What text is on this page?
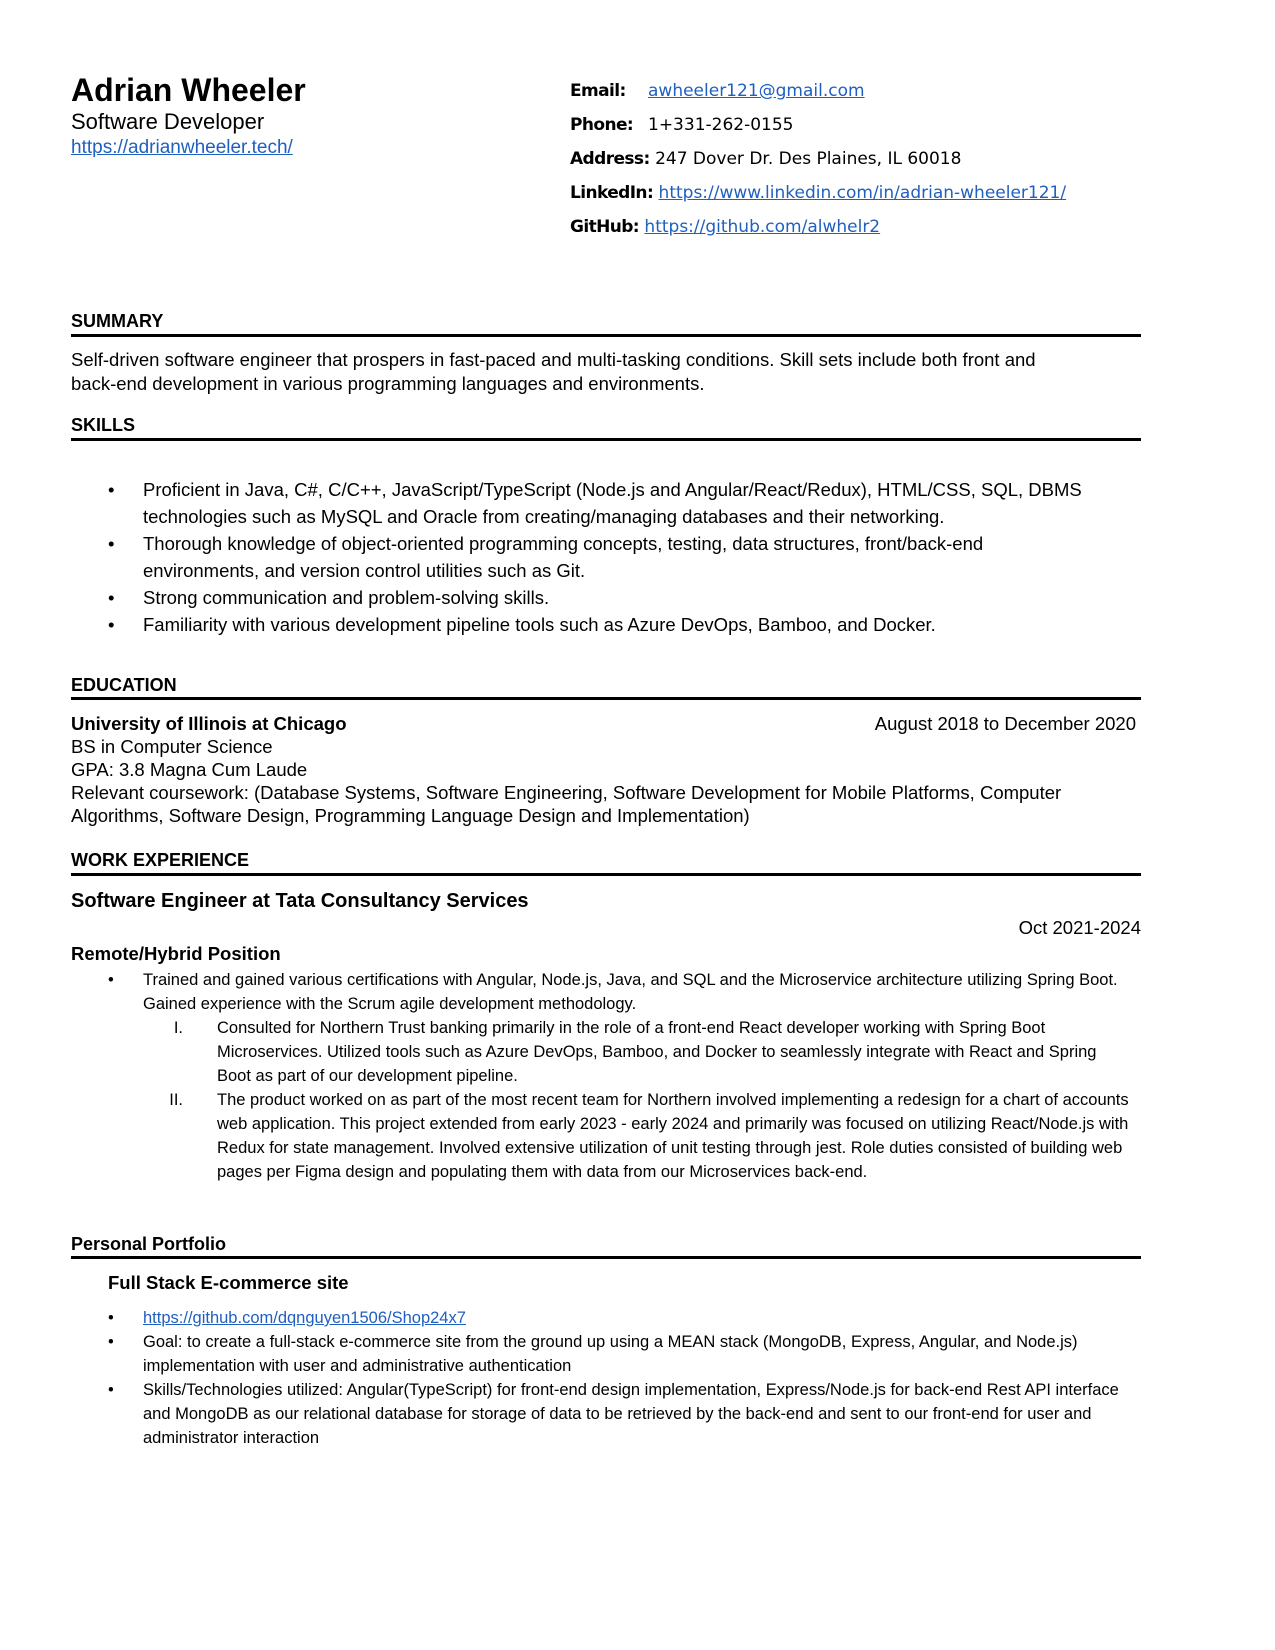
Adrian Wheeler
Software Developer
https://adrianwheeler.tech/
Email: awheeler121@gmail.com
Phone: 1+331-262-0155
Address: 247 Dover Dr. Des Plaines, IL 60018
LinkedIn: https://www.linkedin.com/in/adrian-wheeler121/
GitHub: https://github.com/alwhelr2
SUMMARY
Self-driven software engineer that prospers in fast-paced and multi-tasking conditions. Skill sets include both front and
back-end development in various programming languages and environments.
SKILLS
• Proficient in Java, C#, C/C++, JavaScript/TypeScript (Node.js and Angular/React/Redux), HTML/CSS, SQL, DBMS technologies such as MySQL and Oracle from creating/managing databases and their networking.
• Thorough knowledge of object-oriented programming concepts, testing, data structures, front/back-end environments, and version control utilities such as Git.
• Strong communication and problem-solving skills.
• Familiarity with various development pipeline tools such as Azure DevOps, Bamboo, and Docker.
EDUCATION
University of Illinois at Chicago	August 2018 to December 2020
BS in Computer Science
GPA: 3.8 Magna Cum Laude
Relevant coursework: (Database Systems, Software Engineering, Software Development for Mobile Platforms, Computer Algorithms, Software Design, Programming Language Design and Implementation)
WORK EXPERIENCE
Software Engineer at Tata Consultancy Services
Oct 2021-2024
Remote/Hybrid Position
• Trained and gained various certifications with Angular, Node.js, Java, and SQL and the Microservice architecture utilizing Spring Boot. Gained experience with the Scrum agile development methodology.
I. Consulted for Northern Trust banking primarily in the role of a front-end React developer working with Spring Boot Microservices. Utilized tools such as Azure DevOps, Bamboo, and Docker to seamlessly integrate with React and Spring Boot as part of our development pipeline.
II. The product worked on as part of the most recent team for Northern involved implementing a redesign for a chart of accounts web application. This project extended from early 2023 - early 2024 and primarily was focused on utilizing React/Node.js with Redux for state management. Involved extensive utilization of unit testing through jest. Role duties consisted of building web pages per Figma design and populating them with data from our Microservices back-end.
Personal Portfolio
Full Stack E-commerce site
• https://github.com/dqnguyen1506/Shop24x7
• Goal: to create a full-stack e-commerce site from the ground up using a MEAN stack (MongoDB, Express, Angular, and Node.js) implementation with user and administrative authentication
• Skills/Technologies utilized: Angular(TypeScript) for front-end design implementation, Express/Node.js for back-end Rest API interface and MongoDB as our relational database for storage of data to be retrieved by the back-end and sent to our front-end for user and administrator interaction
